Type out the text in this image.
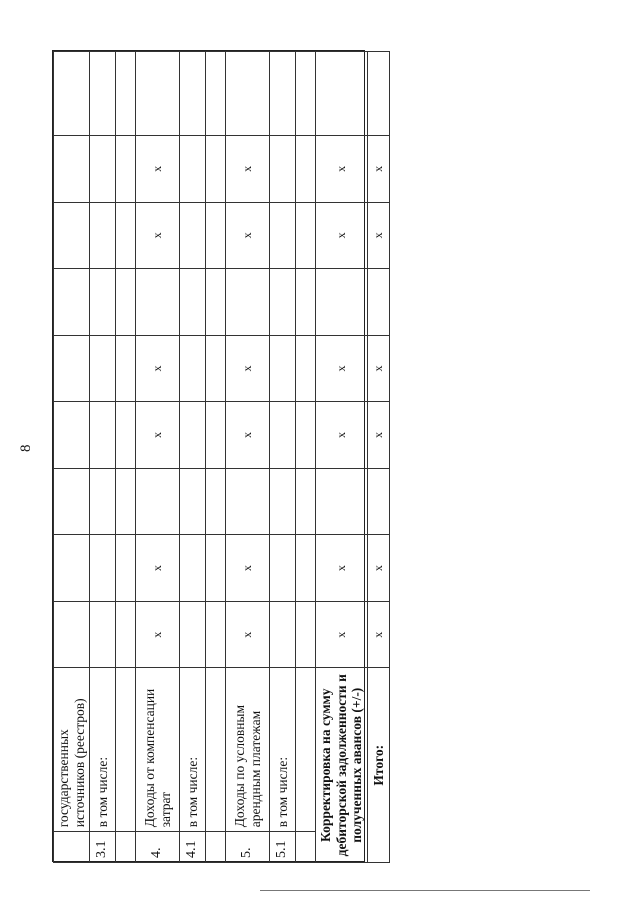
8
	государственных источников (реестров)									
3.1	в том числе:									

4.	Доходы от компенсации затрат	x	x		x	x		x	x	
4.1	в том числе:									

5.	Доходы по условным арендным платежам	x	x		x	x		x	x	
5.1	в том числе:									

Корректировка на сумму дебиторской задолженности и полученных авансов (+/-)		x	x		x	x		x	x	
Итого:		x	x		x	x		x	x	
